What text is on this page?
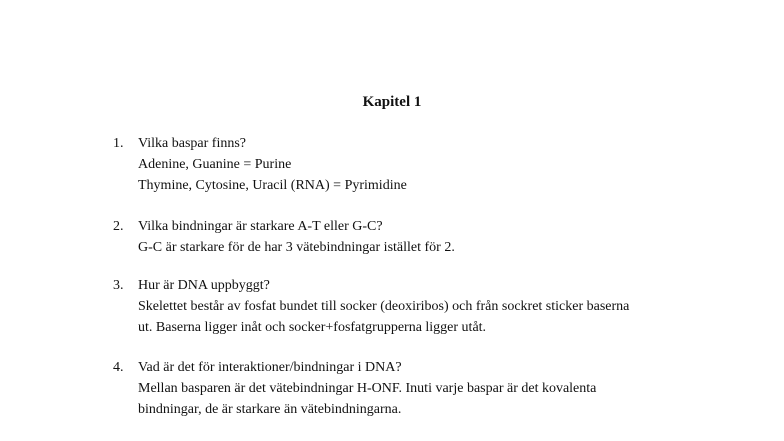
Kapitel 1
1. Vilka baspar finns?
Adenine, Guanine = Purine
Thymine, Cytosine, Uracil (RNA) = Pyrimidine
2. Vilka bindningar är starkare A-T eller G-C?
G-C är starkare för de har 3 vätebindningar istället för 2.
3. Hur är DNA uppbyggt?
Skelettet består av fosfat bundet till socker (deoxiribos) och från sockret sticker baserna
ut. Baserna ligger inåt och socker+fosfatgrupperna ligger utåt.
4. Vad är det för interaktioner/bindningar i DNA?
Mellan basparen är det vätebindningar H-ONF. Inuti varje baspar är det kovalenta
bindningar, de är starkare än vätebindningarna.
